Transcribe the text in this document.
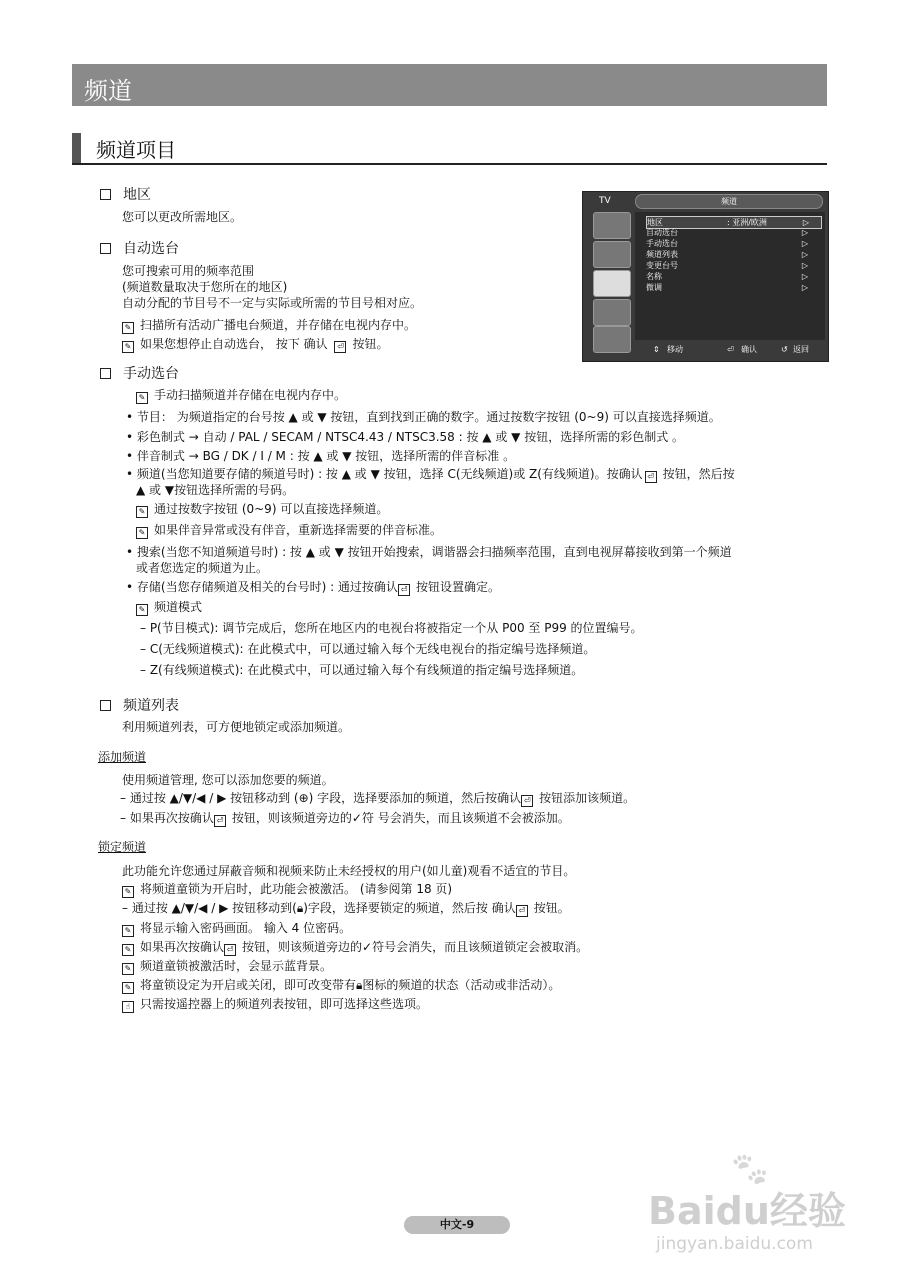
频道
频道项目
TV	频道
地区	: 亚洲/欧洲	▷
自动选台	▷
手动选台	▷
频道列表	▷
变更台号	▷
名称	▷
微调	▷
⇕ 移动	⏎ 确认	↺ 返回
地区
您可以更改所需地区。
自动选台
您可搜索可用的频率范围
(频道数量取决于您所在的地区)
自动分配的节目号不一定与实际或所需的节目号相对应。
✎ 扫描所有活动广播电台频道，并存储在电视内存中。
✎ 如果您想停止自动选台， 按下 确认 ⏎ 按钮。
手动选台
✎ 手动扫描频道并存储在电视内存中。
• 节目： 为频道指定的台号按 ▲ 或 ▼ 按钮，直到找到正确的数字。通过按数字按钮 (0~9) 可以直接选择频道。
• 彩色制式 → 自动 / PAL / SECAM / NTSC4.43 / NTSC3.58 : 按 ▲ 或 ▼ 按钮，选择所需的彩色制式 。
• 伴音制式 → BG / DK / I / M : 按 ▲ 或 ▼ 按钮，选择所需的伴音标准 。
• 频道(当您知道要存储的频道号时) : 按 ▲ 或 ▼ 按钮，选择 C(无线频道)或 Z(有线频道)。按确认 ⏎ 按钮，然后按
▲ 或 ▼按钮选择所需的号码。
✎ 通过按数字按钮 (0~9) 可以直接选择频道。
✎ 如果伴音异常或没有伴音，重新选择需要的伴音标准。
• 搜索(当您不知道频道号时) : 按 ▲ 或 ▼ 按钮开始搜索，调谐器会扫描频率范围，直到电视屏幕接收到第一个频道
或者您选定的频道为止。
• 存储(当您存储频道及相关的台号时) : 通过按确认 ⏎ 按钮设置确定。
✎ 频道模式
– P(节目模式): 调节完成后，您所在地区内的电视台将被指定一个从 P00 至 P99 的位置编号。
– C(无线频道模式): 在此模式中，可以通过输入每个无线电视台的指定编号选择频道。
– Z(有线频道模式): 在此模式中，可以通过输入每个有线频道的指定编号选择频道。
频道列表
利用频道列表，可方便地锁定或添加频道。
添加频道
使用频道管理, 您可以添加您要的频道。
– 通过按 ▲/▼/◀ / ▶ 按钮移动到 (⊕) 字段，选择要添加的频道，然后按确认 ⏎ 按钮添加该频道。
– 如果再次按确认 ⏎ 按钮，则该频道旁边的✓符 号会消失，而且该频道不会被添加。
锁定频道
此功能允许您通过屏蔽音频和视频来防止未经授权的用户(如儿童)观看不适宜的节目。
✎ 将频道童锁为开启时，此功能会被激活。 (请参阅第 18 页)
– 通过按 ▲/▼/◀ / ▶ 按钮移动到(🔒︎)字段，选择要锁定的频道，然后按 确认 ⏎ 按钮。
✎ 将显示输入密码画面。 输入 4 位密码。
✎ 如果再次按确认 ⏎ 按钮，则该频道旁边的✓符号会消失，而且该频道锁定会被取消。
✎ 频道童锁被激活时，会显示蓝背景。
✎ 将童锁设定为开启或关闭，即可改变带有🔒︎图标的频道的状态（活动或非活动）。
☝ 只需按遥控器上的频道列表按钮，即可选择这些选项。
中文-9
🐾︎
Baidu经验
jingyan.baidu.com
